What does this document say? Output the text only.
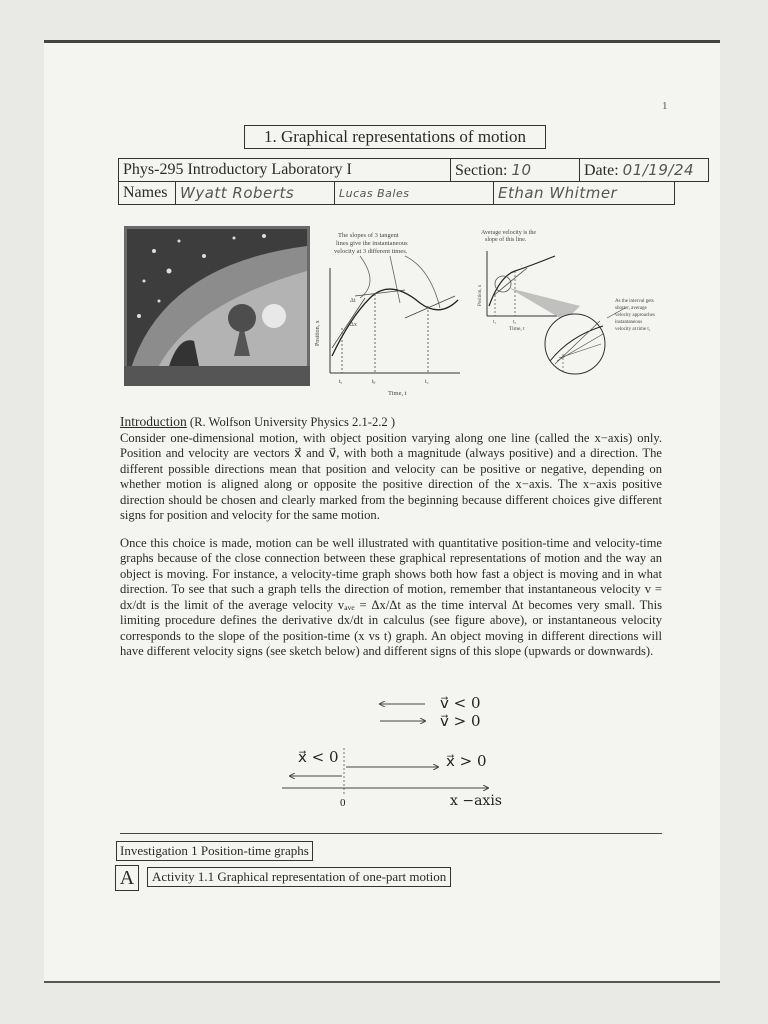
1
1. Graphical representations of motion
Phys-295 Introductory Laboratory I	Section: 10	Date: 01/19/24
Names	Wyatt Roberts	Lucas Bales	Ethan Whitmer
The slopes of 3 tangent
lines give the instantaneous
velocity at 3 different times.
Position, x
Time, t
tₐ	tᵦ	t꜀
Δx
Δt
Average velocity is the
slope of this line.
Position, x
Time, t
t₁	t₂
As the interval gets
shorter, average
velocity approaches
instantaneous
velocity at time t₁
Introduction (R. Wolfson University Physics 2.1-2.2 )
Consider one-dimensional motion, with object position varying along one line (called the x−axis) only. Position and velocity are vectors x⃗ and v⃗, with both a magnitude (always positive) and a direction. The different possible directions mean that position and velocity can be positive or negative, depending on whether motion is aligned along or opposite the positive direction of the x−axis. The x−axis positive direction should be chosen and clearly marked from the beginning because different choices give different signs for position and velocity for the same motion.
Once this choice is made, motion can be well illustrated with quantitative position-time and velocity-time graphs because of the close connection between these graphical representations of motion and the way an object is moving. For instance, a velocity-time graph shows both how fast a object is moving and in what direction. To see that such a graph tells the direction of motion, remember that instantaneous velocity v = dx/dt is the limit of the average velocity vₐᵥₑ = Δx/Δt as the time interval Δt becomes very small. This limiting procedure defines the derivative dx/dt in calculus (see figure above), or instantaneous velocity corresponds to the slope of the position-time (x vs t) graph. An object moving in different directions will have different velocity signs (see sketch below) and different signs of this slope (upwards or downwards).
v⃗ < 0
v⃗ > 0
x⃗ < 0	x⃗ > 0
0	x −axis
Investigation 1 Position-time graphs
A	Activity 1.1 Graphical representation of one-part motion
